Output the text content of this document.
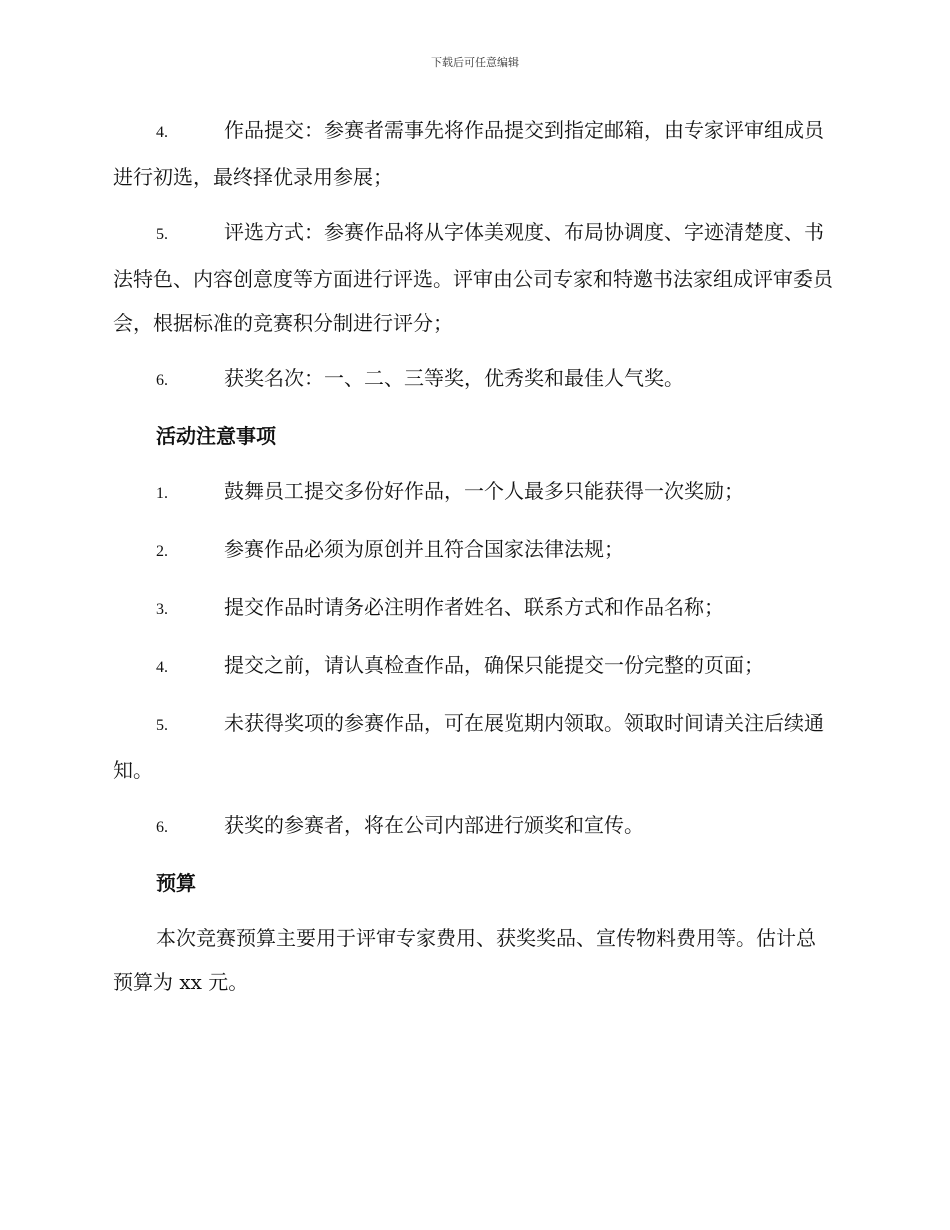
下载后可任意编辑
4.	作品提交：参赛者需事先将作品提交到指定邮箱，由专家评审组成员进行初选，最终择优录用参展；
5.	评选方式：参赛作品将从字体美观度、布局协调度、字迹清楚度、书法特色、内容创意度等方面进行评选。评审由公司专家和特邀书法家组成评审委员会，根据标准的竞赛积分制进行评分；
6.	获奖名次：一、二、三等奖，优秀奖和最佳人气奖。
活动注意事项
1.	鼓舞员工提交多份好作品，一个人最多只能获得一次奖励；
2.	参赛作品必须为原创并且符合国家法律法规；
3.	提交作品时请务必注明作者姓名、联系方式和作品名称；
4.	提交之前，请认真检查作品，确保只能提交一份完整的页面；
5.	未获得奖项的参赛作品，可在展览期内领取。领取时间请关注后续通知。
6.	获奖的参赛者，将在公司内部进行颁奖和宣传。
预算
本次竞赛预算主要用于评审专家费用、获奖奖品、宣传物料费用等。估计总预算为 xx 元。
